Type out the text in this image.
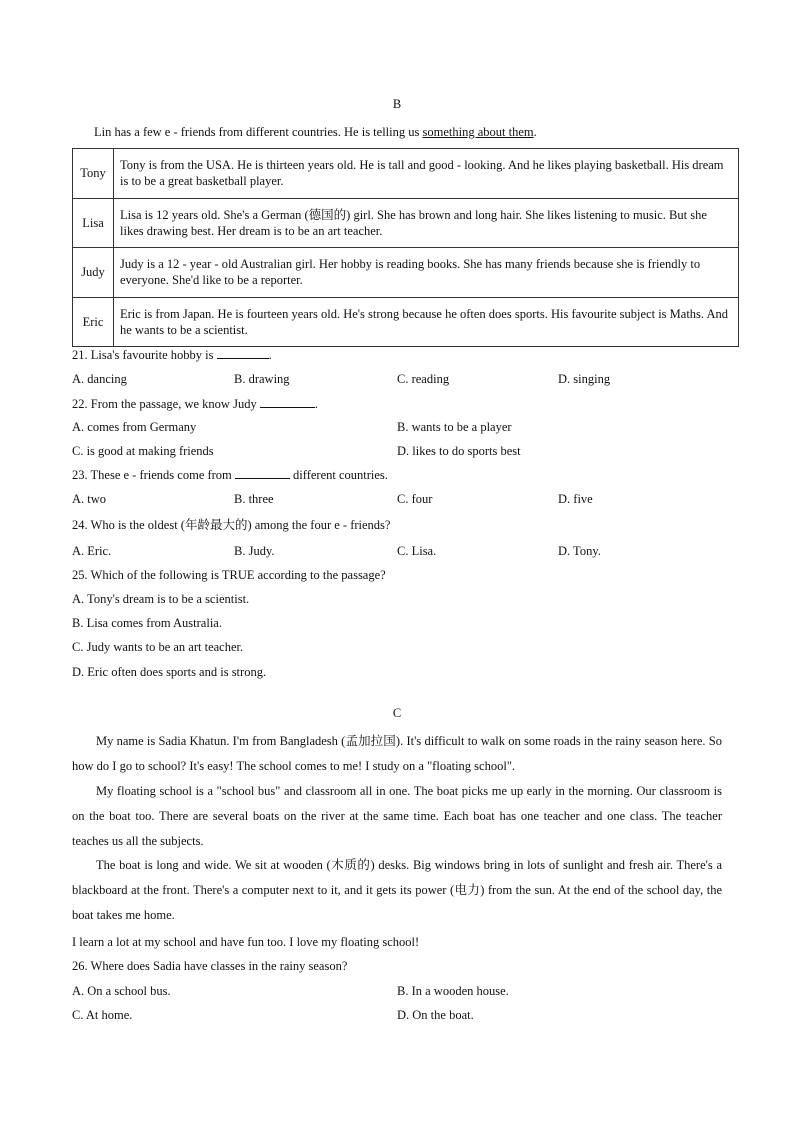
B
Lin has a few e - friends from different countries. He is telling us something about them.
Tony	Tony is from the USA. He is thirteen years old. He is tall and good - looking. And he likes playing basketball. His dream is to be a great basketball player.
Lisa	Lisa is 12 years old. She's a German (德国的) girl. She has brown and long hair. She likes listening to music. But she likes drawing best. Her dream is to be an art teacher.
Judy	Judy is a 12 - year - old Australian girl. Her hobby is reading books. She has many friends because she is friendly to everyone. She'd like to be a reporter.
Eric	Eric is from Japan. He is fourteen years old. He's strong because he often does sports. His favourite subject is Maths. And he wants to be a scientist.
21. Lisa's favourite hobby is	.
A. dancing	B. drawing	C. reading	D. singing
22. From the passage, we know Judy	.
A. comes from Germany	B. wants to be a player
C. is good at making friends	D. likes to do sports best
23. These e - friends come from	different countries.
A. two	B. three	C. four	D. five
24. Who is the oldest (年龄最大的) among the four e - friends?
A. Eric.	B. Judy.	C. Lisa.	D. Tony.
25. Which of the following is TRUE according to the passage?
A. Tony's dream is to be a scientist.
B. Lisa comes from Australia.
C. Judy wants to be an art teacher.
D. Eric often does sports and is strong.
C
My name is Sadia Khatun. I'm from Bangladesh (孟加拉国). It's difficult to walk on some roads in the rainy season here. So how do I go to school? It's easy! The school comes to me! I study on a "floating school".
My floating school is a "school bus" and classroom all in one. The boat picks me up early in the morning. Our classroom is on the boat too. There are several boats on the river at the same time. Each boat has one teacher and one class. The teacher teaches us all the subjects.
The boat is long and wide. We sit at wooden (木质的) desks. Big windows bring in lots of sunlight and fresh air. There's a blackboard at the front. There's a computer next to it, and it gets its power (电力) from the sun. At the end of the school day, the boat takes me home.
I learn a lot at my school and have fun too. I love my floating school!
26. Where does Sadia have classes in the rainy season?
A. On a school bus.	B. In a wooden house.
C. At home.	D. On the boat.
